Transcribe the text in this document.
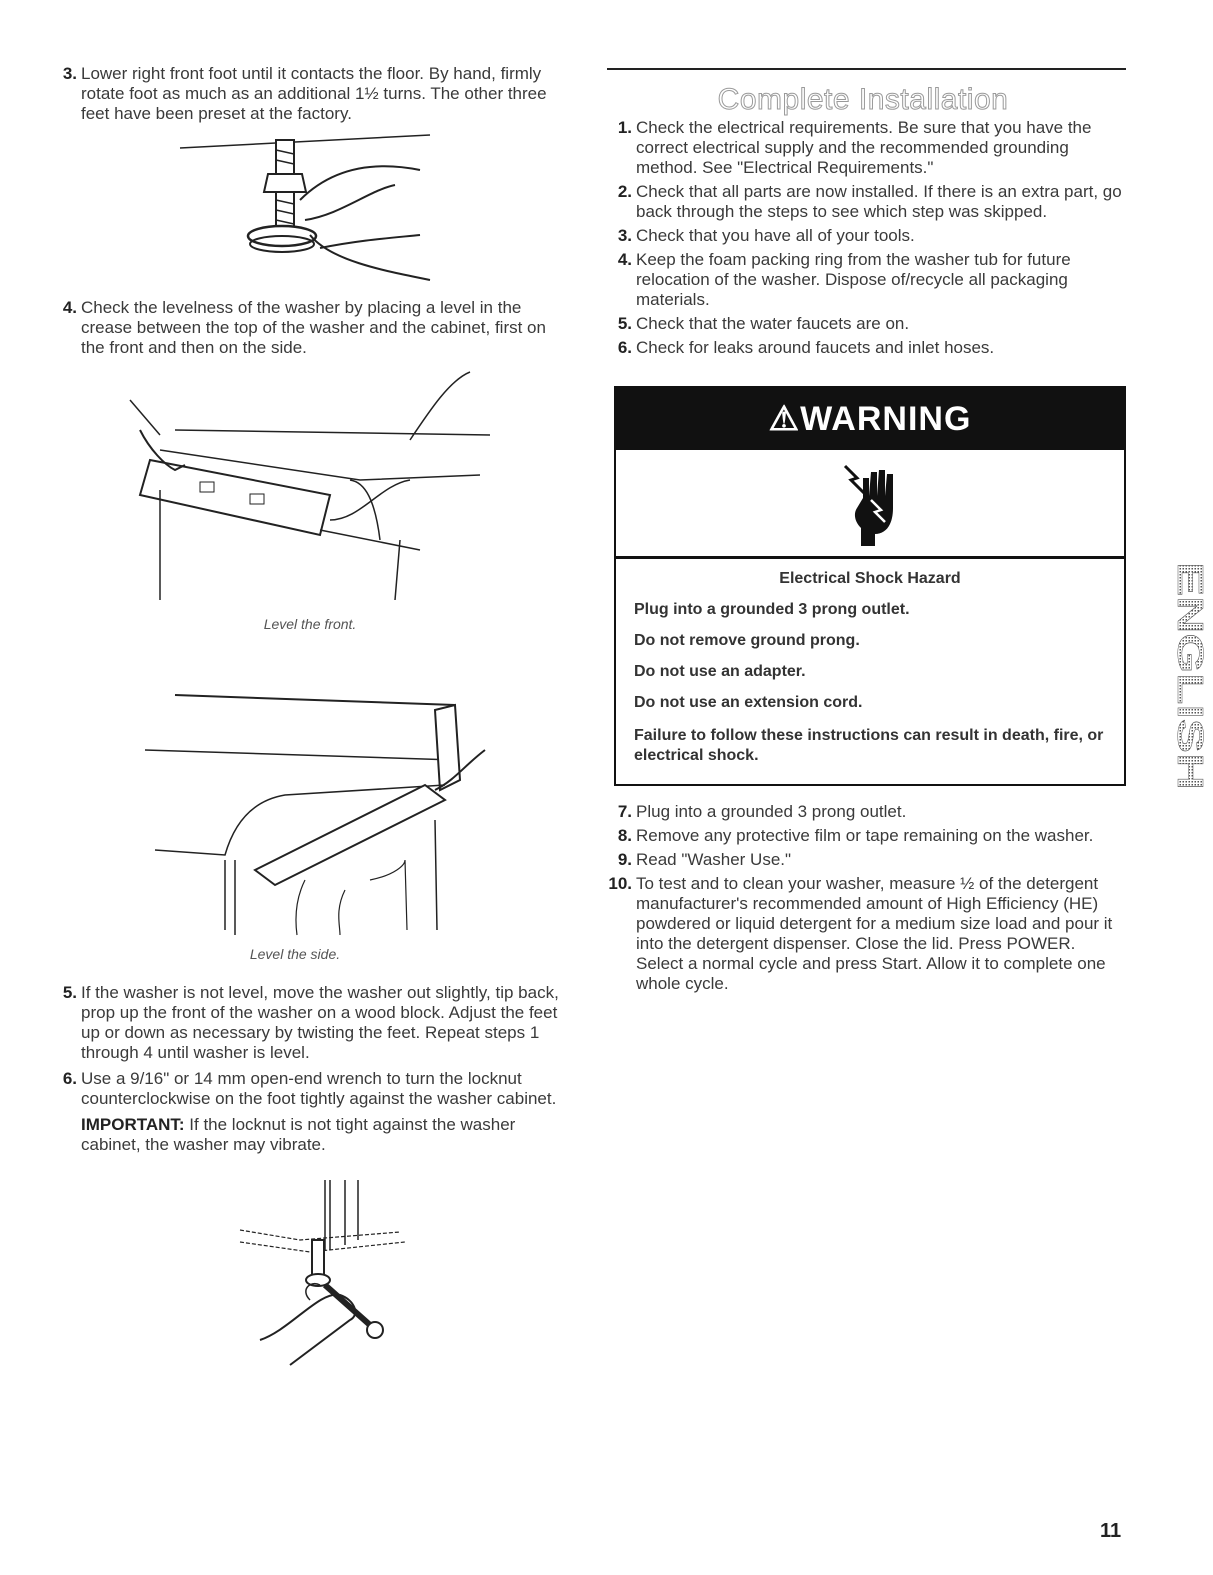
3. Lower right front foot until it contacts the floor. By hand, firmly rotate foot as much as an additional 1½ turns. The other three feet have been preset at the factory.

4. Check the levelness of the washer by placing a level in the crease between the top of the washer and the cabinet, first on the front and then on the side.

Level the front.
Level the side.

5. If the washer is not level, move the washer out slightly, tip back, prop up the front of the washer on a wood block. Adjust the feet up or down as necessary by twisting the feet. Repeat steps 1 through 4 until washer is level.

6. Use a 9/16" or 14 mm open-end wrench to turn the locknut counterclockwise on the foot tightly against the washer cabinet.

IMPORTANT: If the locknut is not tight against the washer cabinet, the washer may vibrate.

Complete Installation

1. Check the electrical requirements. Be sure that you have the correct electrical supply and the recommended grounding method. See "Electrical Requirements."

2. Check that all parts are now installed. If there is an extra part, go back through the steps to see which step was skipped.

3. Check that you have all of your tools.

4. Keep the foam packing ring from the washer tub for future relocation of the washer. Dispose of/recycle all packaging materials.

5. Check that the water faucets are on.

6. Check for leaks around faucets and inlet hoses.

⚠WARNING
Electrical Shock Hazard
Plug into a grounded 3 prong outlet.
Do not remove ground prong.
Do not use an adapter.
Do not use an extension cord.
Failure to follow these instructions can result in death, fire, or electrical shock.

7. Plug into a grounded 3 prong outlet.

8. Remove any protective film or tape remaining on the washer.

9. Read "Washer Use."

10. To test and to clean your washer, measure ½ of the detergent manufacturer's recommended amount of High Efficiency (HE) powdered or liquid detergent for a medium size load and pour it into the detergent dispenser. Close the lid. Press POWER. Select a normal cycle and press Start. Allow it to complete one whole cycle.

ENGLISH
11
